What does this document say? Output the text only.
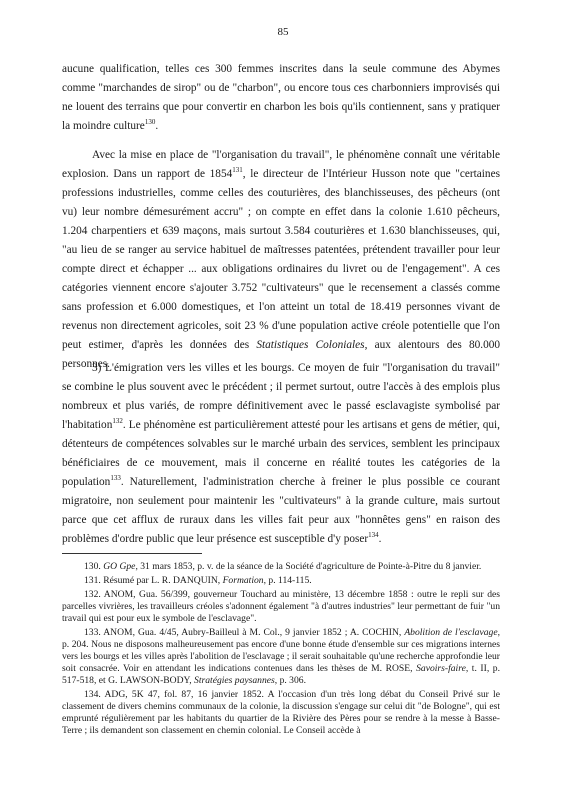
85

aucune qualification, telles ces 300 femmes inscrites dans la seule commune des Abymes comme "marchandes de sirop" ou de "charbon", ou encore tous ces charbonniers improvisés qui ne louent des terrains que pour convertir en charbon les bois qu'ils contiennent, sans y pratiquer la moindre culture$^{130}$.

Avec la mise en place de "l'organisation du travail", le phénomène connaît une véritable explosion. Dans un rapport de 1854$^{131}$, le directeur de l'Intérieur Husson note que "certaines professions industrielles, comme celles des couturières, des blanchisseuses, des pêcheurs (ont vu) leur nombre démesurément accru" ; on compte en effet dans la colonie 1.610 pêcheurs, 1.204 charpentiers et 639 maçons, mais surtout 3.584 couturières et 1.630 blanchisseuses, qui, "au lieu de se ranger au service habituel de maîtresses patentées, prétendent travailler pour leur compte direct et échapper ... aux obligations ordinaires du livret ou de l'engagement". A ces catégories viennent encore s'ajouter 3.752 "cultivateurs" que le recensement a classés comme sans profession et 6.000 domestiques, et l'on atteint un total de 18.419 personnes vivant de revenus non directement agricoles, soit 23 % d'une population active créole potentielle que l'on peut estimer, d'après les données des Statistiques Coloniales, aux alentours des 80.000 personnes.

3) L'émigration vers les villes et les bourgs. Ce moyen de fuir "l'organisation du travail" se combine le plus souvent avec le précédent ; il permet surtout, outre l'accès à des emplois plus nombreux et plus variés, de rompre définitivement avec le passé esclavagiste symbolisé par l'habitation$^{132}$. Le phénomène est particulièrement attesté pour les artisans et gens de métier, qui, détenteurs de compétences solvables sur le marché urbain des services, semblent les principaux bénéficiaires de ce mouvement, mais il concerne en réalité toutes les catégories de la population$^{133}$. Naturellement, l'administration cherche à freiner le plus possible ce courant migratoire, non seulement pour maintenir les "cultivateurs" à la grande culture, mais surtout parce que cet afflux de ruraux dans les villes fait peur aux "honnêtes gens" en raison des problèmes d'ordre public que leur présence est susceptible d'y poser$^{134}$.

130. GO Gpe, 31 mars 1853, p. v. de la séance de la Société d'agriculture de Pointe-à-Pitre du 8 janvier.

131. Résumé par L. R. DANQUIN, Formation, p. 114-115.

132. ANOM, Gua. 56/399, gouverneur Touchard au ministère, 13 décembre 1858 : outre le repli sur des parcelles vivrières, les travailleurs créoles s'adonnent également "à d'autres industries" leur permettant de fuir "un travail qui est pour eux le symbole de l'esclavage".

133. ANOM, Gua. 4/45, Aubry-Bailleul à M. Col., 9 janvier 1852 ; A. COCHIN, Abolition de l'esclavage, p. 204. Nous ne disposons malheureusement pas encore d'une bonne étude d'ensemble sur ces migrations internes vers les bourgs et les villes après l'abolition de l'esclavage ; il serait souhaitable qu'une recherche approfondie leur soit consacrée. Voir en attendant les indications contenues dans les thèses de M. ROSE, Savoirs-faire, t. II, p. 517-518, et G. LAWSON-BODY, Stratégies paysannes, p. 306.

134. ADG, 5K 47, fol. 87, 16 janvier 1852. A l'occasion d'un très long débat du Conseil Privé sur le classement de divers chemins communaux de la colonie, la discussion s'engage sur celui dit "de Bologne", qui est emprunté régulièrement par les habitants du quartier de la Rivière des Pères pour se rendre à la messe à Basse-Terre ; ils demandent son classement en chemin colonial. Le Conseil accède à
